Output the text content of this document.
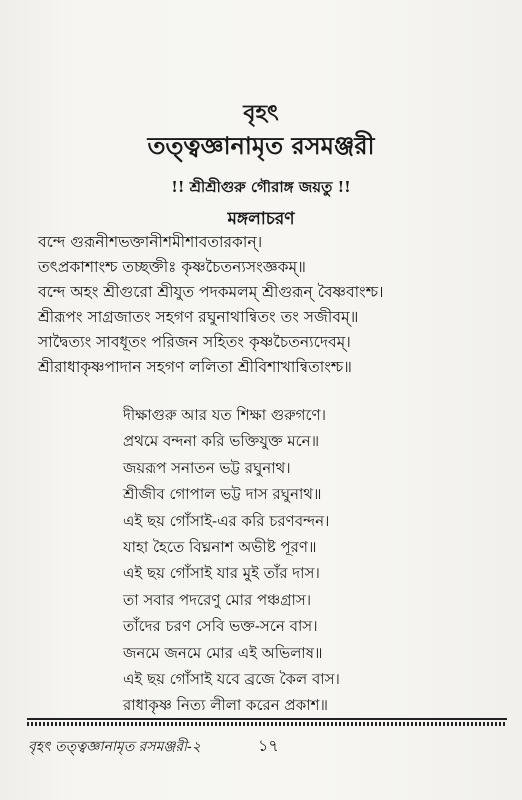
বৃহৎ
তত্ত্বজ্ঞানামৃত রসমঞ্জরী
!! শ্রীশ্রীগুরু গৌরাঙ্গ জয়তু !!
মঙ্গলাচরণ
বন্দে গুরূনীশভক্তানীশমীশাবতারকান্।
তৎপ্রকাশাংশ্চ তচ্ছক্তীঃ কৃষ্ণচৈতন্যসংজ্ঞকম্॥
বন্দে অহং শ্রীগুরো শ্রীযুত পদকমলম্ শ্রীগুরূন্ বৈষ্ণবাংশ্চ।
শ্রীরূপং সাগ্রজাতং সহগণ রঘুনাথান্বিতং তং সজীবম্॥
সাদ্বৈত্যং সাবধূতং পরিজন সহিতং কৃষ্ণচৈতন্যদেবম্।
শ্রীরাধাকৃষ্ণপাদান সহগণ ললিতা শ্রীবিশাখান্বিতাংশ্চ॥
দীক্ষাগুরু আর যত শিক্ষা গুরুগণে।
প্রথমে বন্দনা করি ভক্তিযুক্ত মনে॥
জয়রূপ সনাতন ভট্ট রঘুনাথ।
শ্রীজীব গোপাল ভট্ট দাস রঘুনাথ॥
এই ছয় গোঁসাই-এর করি চরণবন্দন।
যাহা হৈতে বিঘ্ননাশ অভীষ্ট পূরণ॥
এই ছয় গোঁসাই যার মুই তাঁর দাস।
তা সবার পদরেণু মোর পঞ্চগ্রাস।
তাঁদের চরণ সেবি ভক্ত-সনে বাস।
জনমে জনমে মোর এই অভিলাষ॥
এই ছয় গোঁসাই যবে ব্রজে কৈল বাস।
রাধাকৃষ্ণ নিত্য লীলা করেন প্রকাশ॥
বৃহৎ তত্ত্বজ্ঞানামৃত রসমঞ্জরী-২	১৭
